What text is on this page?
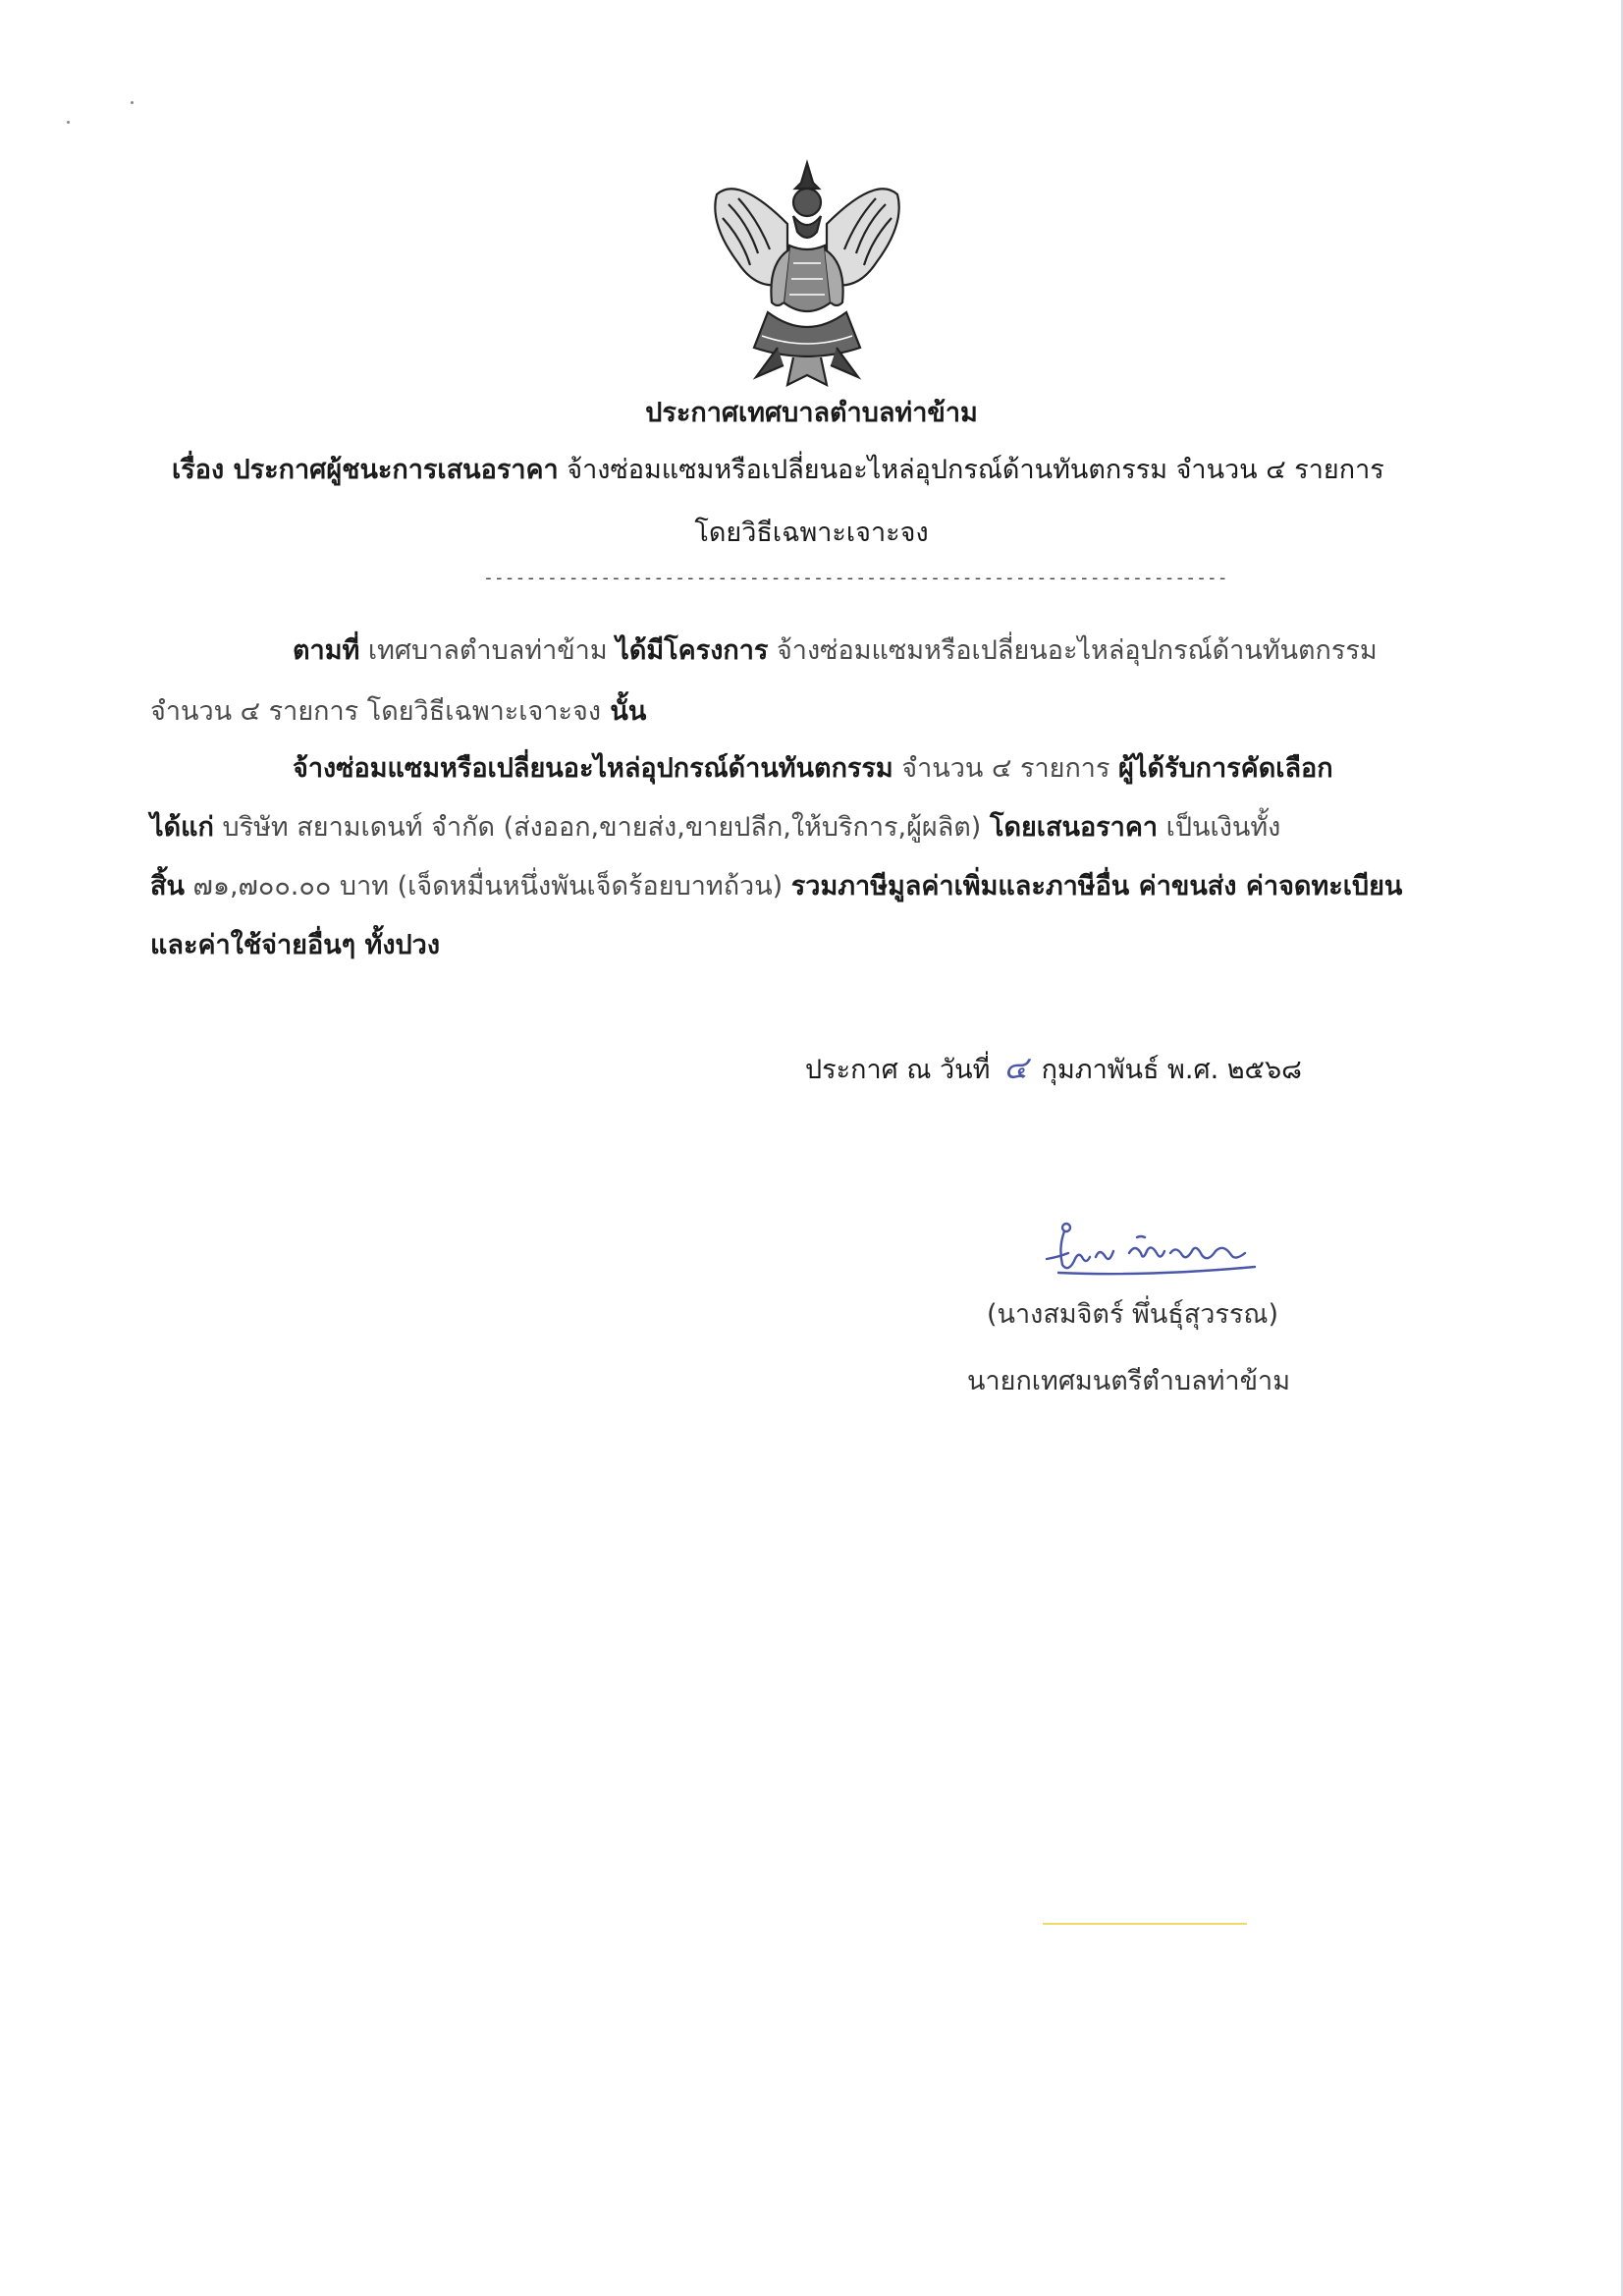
ประกาศเทศบาลตำบลท่าข้าม
เรื่อง ประกาศผู้ชนะการเสนอราคา จ้างซ่อมแซมหรือเปลี่ยนอะไหล่อุปกรณ์ด้านทันตกรรม จำนวน ๔ รายการ
โดยวิธีเฉพาะเจาะจง
----------------------------------------------------------------------
ตามที่ เทศบาลตำบลท่าข้าม ได้มีโครงการ จ้างซ่อมแซมหรือเปลี่ยนอะไหล่อุปกรณ์ด้านทันตกรรม
จำนวน ๔ รายการ โดยวิธีเฉพาะเจาะจง นั้น
จ้างซ่อมแซมหรือเปลี่ยนอะไหล่อุปกรณ์ด้านทันตกรรม จำนวน ๔ รายการ ผู้ได้รับการคัดเลือก
ได้แก่ บริษัท สยามเดนท์ จำกัด (ส่งออก,ขายส่ง,ขายปลีก,ให้บริการ,ผู้ผลิต) โดยเสนอราคา เป็นเงินทั้ง
สิ้น ๗๑,๗๐๐.๐๐ บาท (เจ็ดหมื่นหนึ่งพันเจ็ดร้อยบาทถ้วน) รวมภาษีมูลค่าเพิ่มและภาษีอื่น ค่าขนส่ง ค่าจดทะเบียน
และค่าใช้จ่ายอื่นๆ ทั้งปวง
ประกาศ ณ วันที่ ๔ กุมภาพันธ์ พ.ศ. ๒๕๖๘
(นางสมจิตร์ พึ่นธุ์สุวรรณ)
นายกเทศมนตรีตำบลท่าข้าม
